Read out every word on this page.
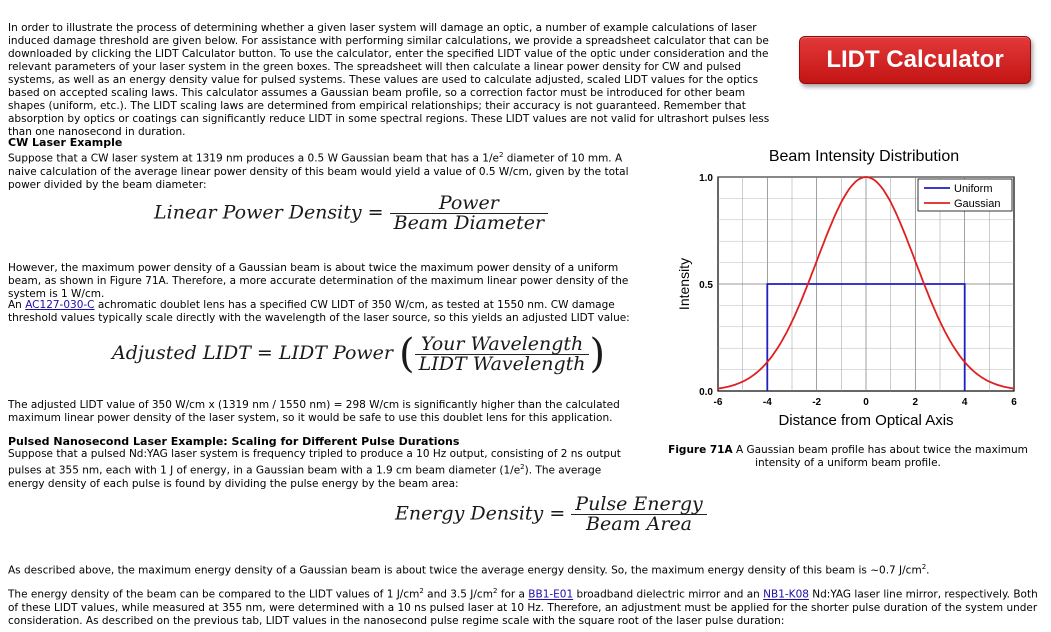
In order to illustrate the process of determining whether a given laser system will damage an optic, a number of example calculations of laser induced damage threshold are given below. For assistance with performing similar calculations, we provide a spreadsheet calculator that can be downloaded by clicking the LIDT Calculator button. To use the calculator, enter the specified LIDT value of the optic under consideration and the relevant parameters of your laser system in the green boxes. The spreadsheet will then calculate a linear power density for CW and pulsed systems, as well as an energy density value for pulsed systems. These values are used to calculate adjusted, scaled LIDT values for the optics based on accepted scaling laws. This calculator assumes a Gaussian beam profile, so a correction factor must be introduced for other beam shapes (uniform, etc.). The LIDT scaling laws are determined from empirical relationships; their accuracy is not guaranteed. Remember that absorption by optics or coatings can significantly reduce LIDT in some spectral regions. These LIDT values are not valid for ultrashort pulses less than one nanosecond in duration.

LIDT Calculator
CW Laser Example

Suppose that a CW laser system at 1319 nm produces a 0.5 W Gaussian beam that has a $1/e^2$ diameter of 10 mm. A naive calculation of the average linear power density of this beam would yield a value of 0.5 W/cm, given by the total power divided by the beam diameter:

Linear Power Density = $\frac{\text{Power}}{\text{Beam Diameter}}$

However, the maximum power density of a Gaussian beam is about twice the maximum power density of a uniform beam, as shown in Figure 71A. Therefore, a more accurate determination of the maximum linear power density of the system is 1 W/cm.

An AC127-030-C achromatic doublet lens has a specified CW LIDT of 350 W/cm, as tested at 1550 nm. CW damage threshold values typically scale directly with the wavelength of the laser source, so this yields an adjusted LIDT value:

Adjusted LIDT = LIDT Power ( $\frac{\text{Your Wavelength}}{\text{LIDT Wavelength}}$ )

The adjusted LIDT value of 350 W/cm x (1319 nm / 1550 nm) = 298 W/cm is significantly higher than the calculated maximum linear power density of the laser system, so it would be safe to use this doublet lens for this application.

Pulsed Nanosecond Laser Example: Scaling for Different Pulse Durations

Suppose that a pulsed Nd:YAG laser system is frequency tripled to produce a 10 Hz output, consisting of 2 ns output pulses at 355 nm, each with 1 J of energy, in a Gaussian beam with a 1.9 cm beam diameter $(1/e^2)$. The average energy density of each pulse is found by dividing the pulse energy by the beam area:

Energy Density = $\frac{\text{Pulse Energy}}{\text{Beam Area}}$

As described above, the maximum energy density of a Gaussian beam is about twice the average energy density. So, the maximum energy density of this beam is ~0.7 $J/cm^2$.

The energy density of the beam can be compared to the LIDT values of 1 $J/cm^2$ and 3.5 $J/cm^2$ for a BB1-E01 broadband dielectric mirror and an NB1-K08 Nd:YAG laser line mirror, respectively. Both of these LIDT values, while measured at 355 nm, were determined with a 10 ns pulsed laser at 10 Hz. Therefore, an adjustment must be applied for the shorter pulse duration of the system under consideration. As described on the previous tab, LIDT values in the nanosecond pulse regime scale with the square root of the laser pulse duration:

Beam Intensity Distribution
-6	-4	-2	0	2	4	6
0.0
0.5
1.0
Distance from Optical Axis
Intensity
Uniform
Gaussian
Figure 71A A Gaussian beam profile has about twice the maximum intensity of a uniform beam profile.
